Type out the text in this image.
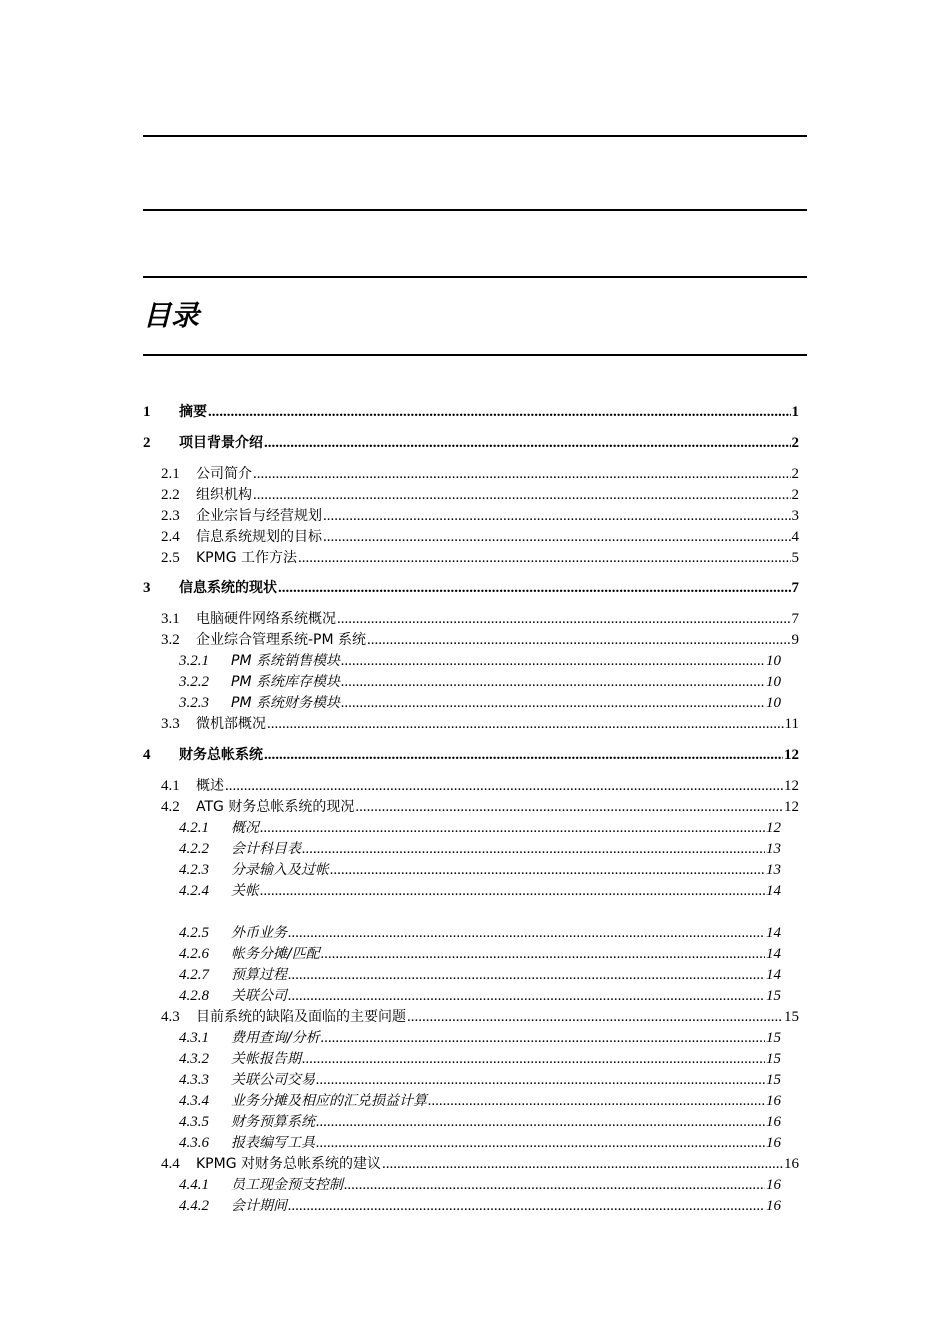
目录
1	摘要 .....	1
2	项目背景介绍 .....	2
2.1	公司简介 .....	2
2.2	组织机构 .....	2
2.3	企业宗旨与经营规划 .....	3
2.4	信息系统规划的目标 .....	4
2.5	KPMG 工作方法 .....	5
3	信息系统的现状 .....	7
3.1	电脑硬件网络系统概况 .....	7
3.2	企业综合管理系统-PM 系统 .....	9
3.2.1	PM 系统销售模块 .....	10
3.2.2	PM 系统库存模块 .....	10
3.2.3	PM 系统财务模块 .....	10
3.3	微机部概况 .....	11
4	财务总帐系统 .....	12
4.1	概述 .....	12
4.2	ATG 财务总帐系统的现况 .....	12
4.2.1	概况 .....	12
4.2.2	会计科目表 .....	13
4.2.3	分录输入及过帐 .....	13
4.2.4	关帐 .....	14
4.2.5	外币业务 .....	14
4.2.6	帐务分摊/匹配 .....	14
4.2.7	预算过程 .....	14
4.2.8	关联公司 .....	15
4.3	目前系统的缺陷及面临的主要问题 .....	15
4.3.1	费用查询/分析 .....	15
4.3.2	关帐报告期 .....	15
4.3.3	关联公司交易 .....	15
4.3.4	业务分摊及相应的汇兑损益计算 .....	16
4.3.5	财务预算系统 .....	16
4.3.6	报表编写工具 .....	16
4.4	KPMG 对财务总帐系统的建议 .....	16
4.4.1	员工现金预支控制 .....	16
4.4.2	会计期间 .....	16
